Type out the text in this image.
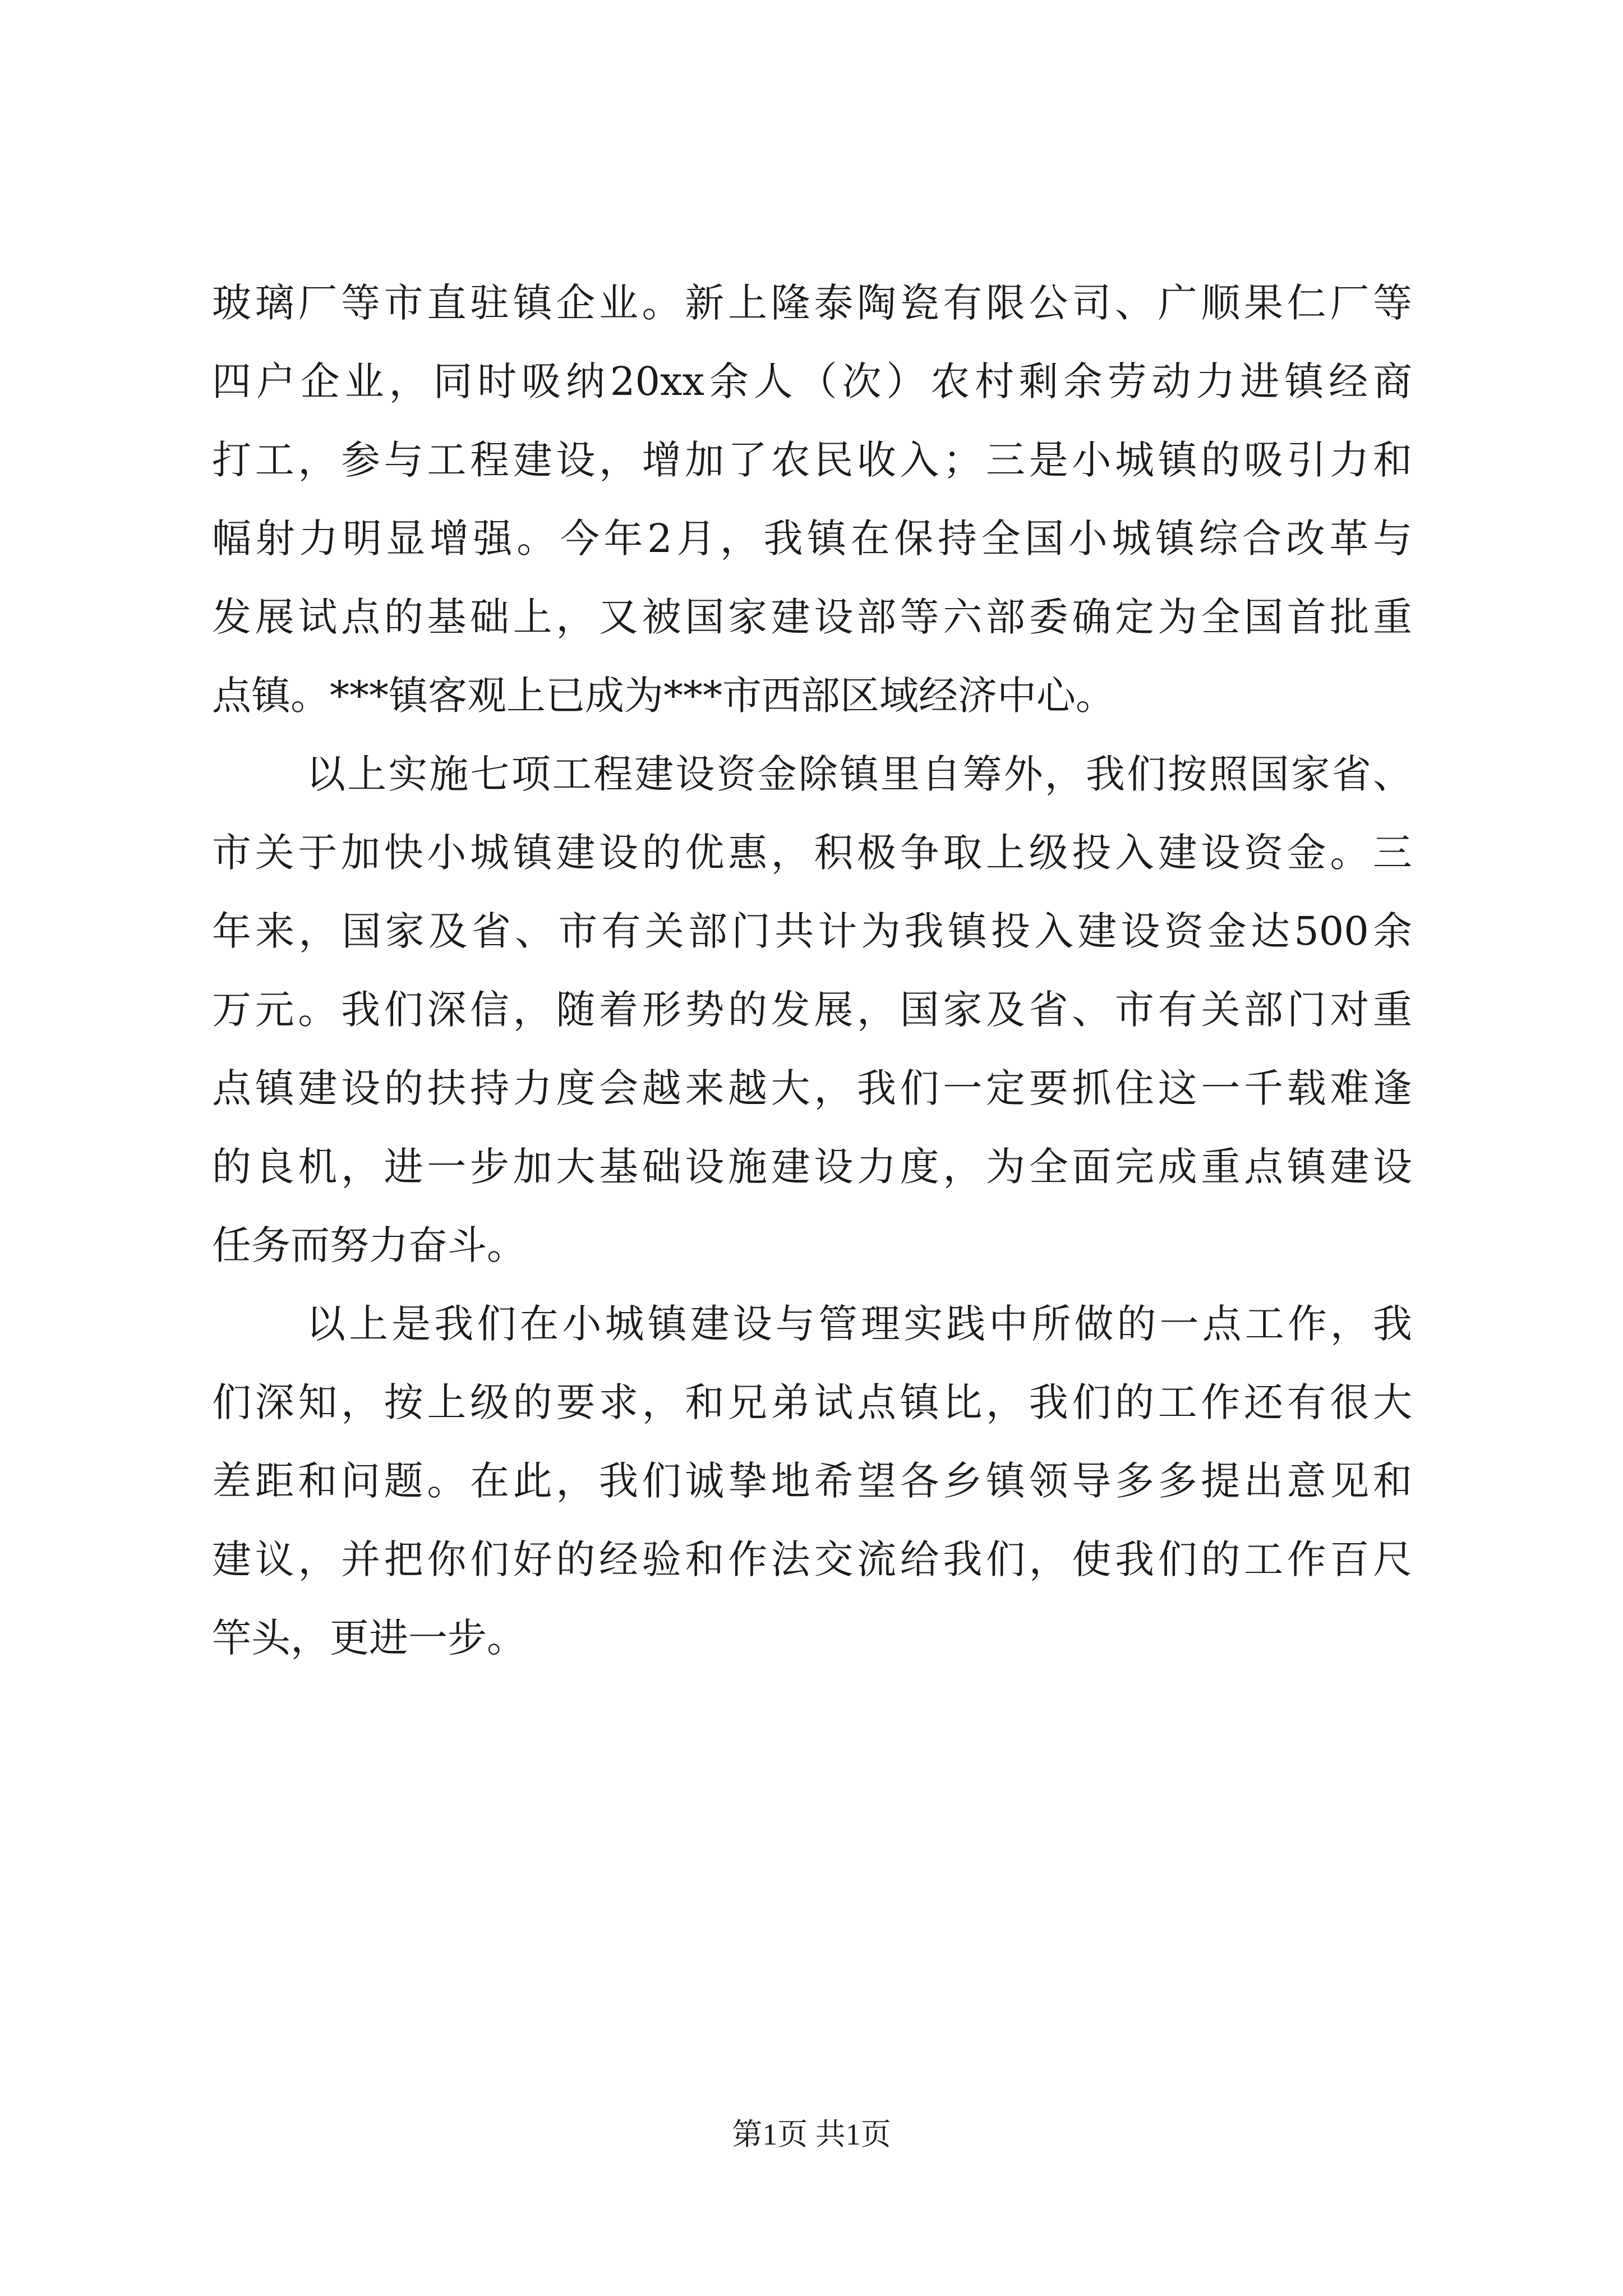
玻璃厂等市直驻镇企业。新上隆泰陶瓷有限公司、广顺果仁厂等
四户企业，同时吸纳20xx余人（次）农村剩余劳动力进镇经商
打工，参与工程建设，增加了农民收入；三是小城镇的吸引力和
幅射力明显增强。今年2月，我镇在保持全国小城镇综合改革与
发展试点的基础上，又被国家建设部等六部委确定为全国首批重
点镇。***镇客观上已成为***市西部区域经济中心。
以上实施七项工程建设资金除镇里自筹外，我们按照国家省、
市关于加快小城镇建设的优惠，积极争取上级投入建设资金。三
年来，国家及省、市有关部门共计为我镇投入建设资金达500余
万元。我们深信，随着形势的发展，国家及省、市有关部门对重
点镇建设的扶持力度会越来越大，我们一定要抓住这一千载难逢
的良机，进一步加大基础设施建设力度，为全面完成重点镇建设
任务而努力奋斗。
以上是我们在小城镇建设与管理实践中所做的一点工作，我
们深知，按上级的要求，和兄弟试点镇比，我们的工作还有很大
差距和问题。在此，我们诚挚地希望各乡镇领导多多提出意见和
建议，并把你们好的经验和作法交流给我们，使我们的工作百尺
竿头，更进一步。
第1页 共1页
